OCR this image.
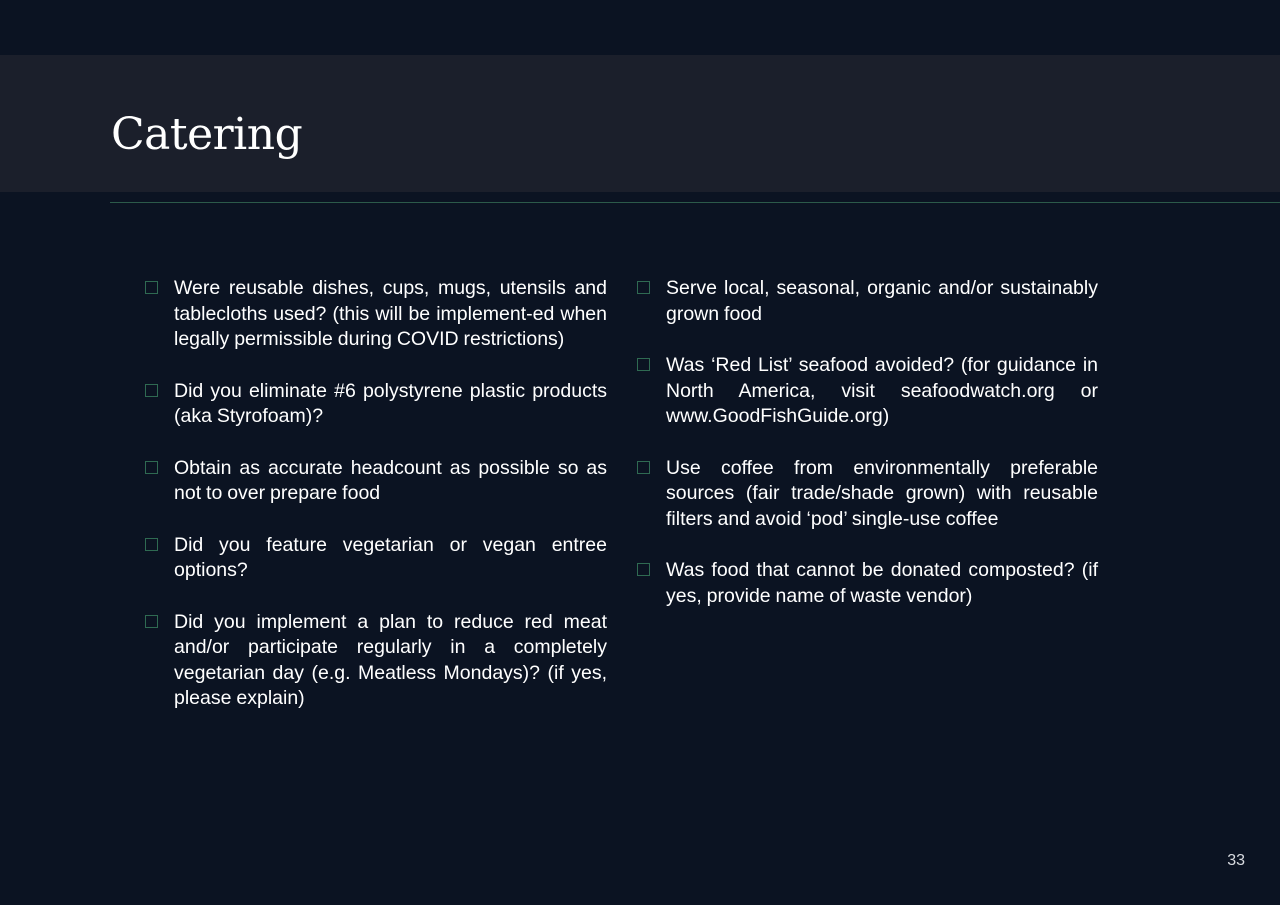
Catering
Were reusable dishes, cups, mugs, utensils and tablecloths used? (this will be implement-ed when legally permissible during COVID restrictions)
Did you eliminate #6 polystyrene plastic products (aka Styrofoam)?
Obtain as accurate headcount as possible so as not to over prepare food
Did you feature vegetarian or vegan entree options?
Did you implement a plan to reduce red meat and/or participate regularly in a completely vegetarian day (e.g. Meatless Mondays)? (if yes, please explain)
Serve local, seasonal, organic and/or sustainably grown food
Was ‘Red List’ seafood avoided? (for guidance in North America, visit seafoodwatch.org or www.GoodFishGuide.org)
Use coffee from environmentally preferable sources (fair trade/shade grown) with reusable filters and avoid ‘pod’ single-use coffee
Was food that cannot be donated composted? (if yes, provide name of waste vendor)
33
